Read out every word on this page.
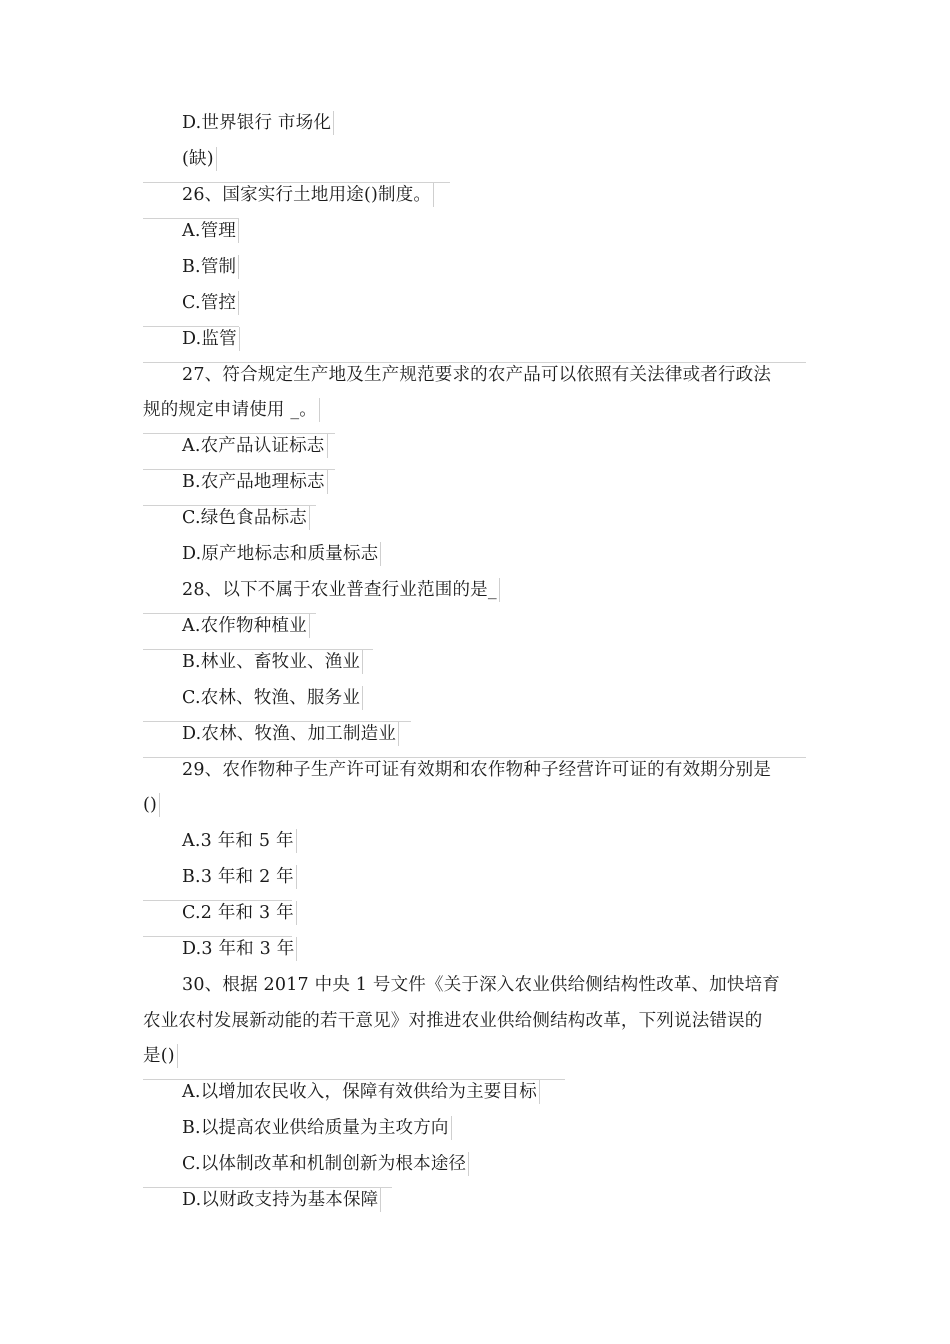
D.世界银行 市场化
(缺)
26、国家实行土地用途()制度。
A.管理
B.管制
C.管控
D.监管
27、符合规定生产地及生产规范要求的农产品可以依照有关法律或者行政法
规的规定申请使用 _。
A.农产品认证标志
B.农产品地理标志
C.绿色食品标志
D.原产地标志和质量标志
28、以下不属于农业普查行业范围的是_
A.农作物种植业
B.林业、畜牧业、渔业
C.农林、牧渔、服务业
D.农林、牧渔、加工制造业
29、农作物种子生产许可证有效期和农作物种子经营许可证的有效期分别是
()
A.3 年和 5 年
B.3 年和 2 年
C.2 年和 3 年
D.3 年和 3 年
30、根据 2017 中央 1 号文件《关于深入农业供给侧结构性改革、加快培育
农业农村发展新动能的若干意见》对推进农业供给侧结构改革，下列说法错误的
是()
A.以增加农民收入，保障有效供给为主要目标
B.以提高农业供给质量为主攻方向
C.以体制改革和机制创新为根本途径
D.以财政支持为基本保障
